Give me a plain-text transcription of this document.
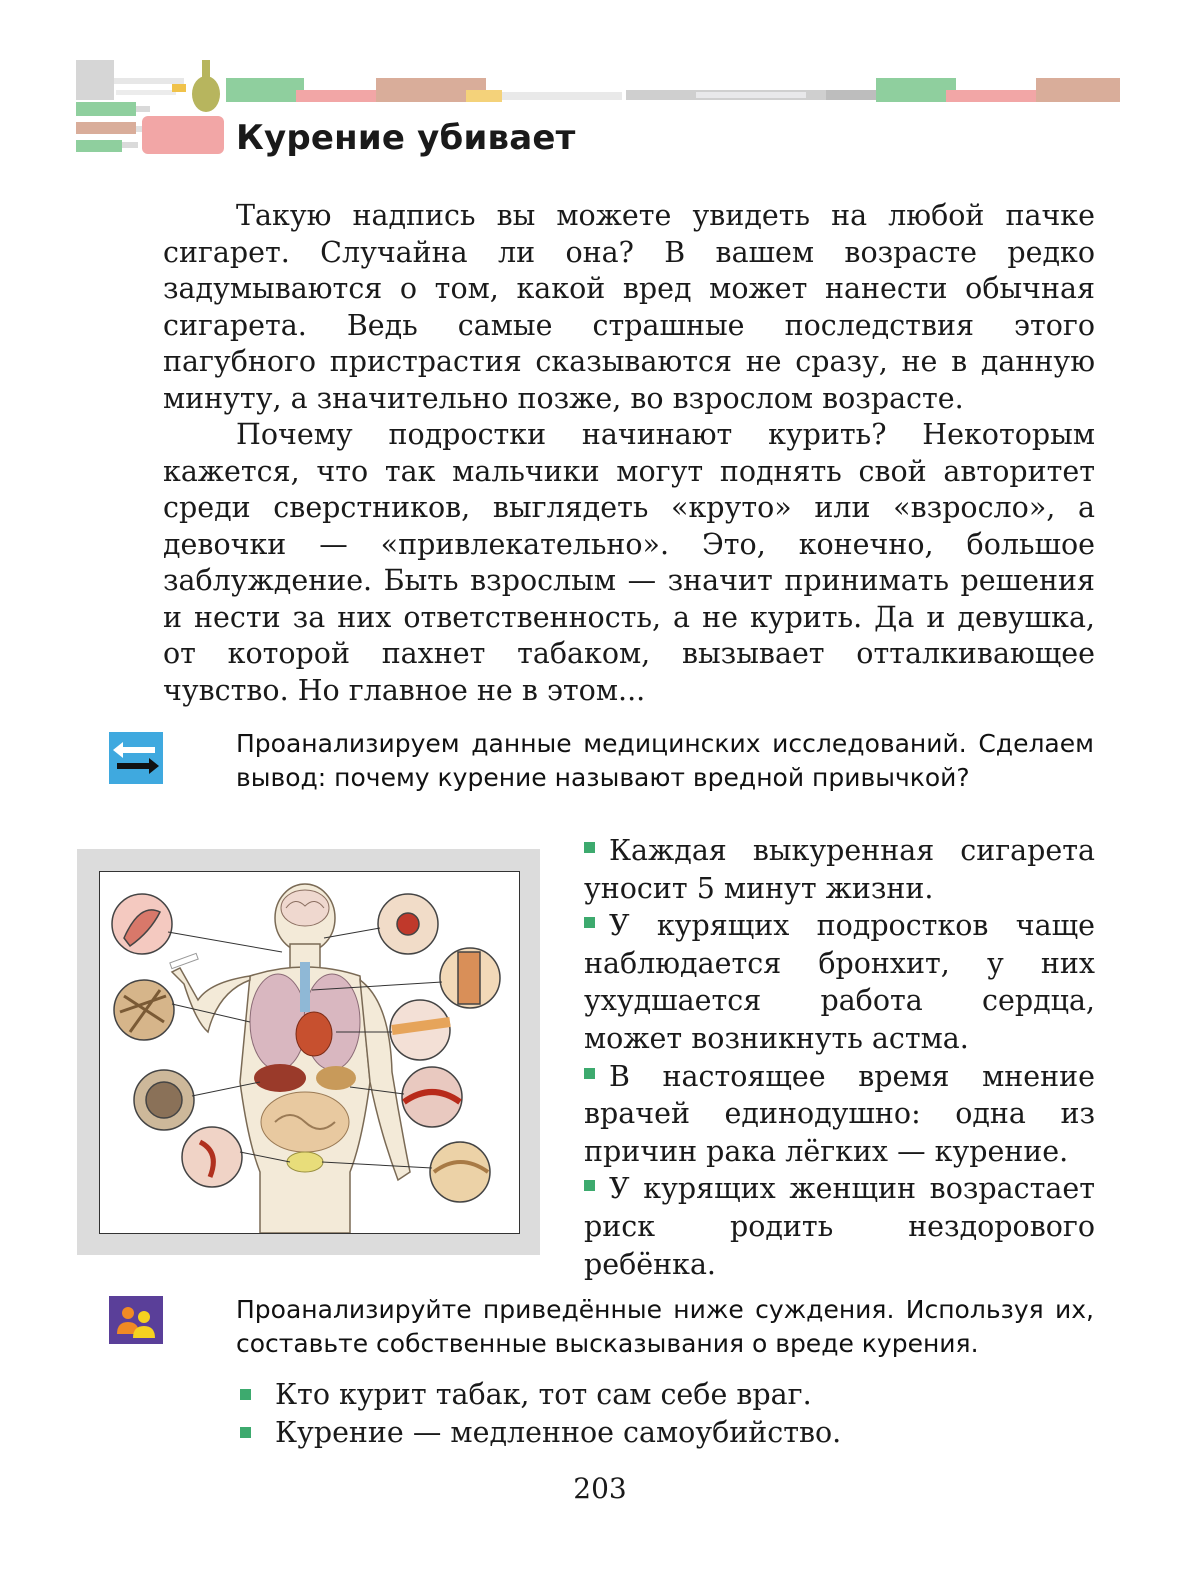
Курение убивает

Такую надпись вы можете увидеть на любой пачке сигарет. Случайна ли она? В вашем возрасте редко задумываются о том, какой вред может нанести обычная сигарета. Ведь самые страшные последствия этого пагубного пристрастия сказываются не сразу, не в данную минуту, а значительно позже, во взрослом возрасте.

Почему подростки начинают курить? Некоторым кажется, что так мальчики могут поднять свой авторитет среди сверстников, выглядеть «круто» или «взросло», а девочки — «привлекательно». Это, конечно, большое заблуждение. Быть взрослым — значит принимать решения и нести за них ответственность, а не курить. Да и девушка, от которой пахнет табаком, вызывает отталкивающее чувство. Но главное не в этом...

Проанализируем данные медицинских исследований. Сделаем вывод: почему курение называют вредной привычкой?

Каждая выкуренная сигарета уносит 5 минут жизни.

У курящих подростков чаще наблюдается бронхит, у них ухудшается работа сердца, может возникнуть астма.

В настоящее время мнение врачей единодушно: одна из причин рака лёгких — курение.

У курящих женщин возрастает риск родить нездорового ребёнка.

Проанализируйте приведённые ниже суждения. Используя их, составьте собственные высказывания о вреде курения.
Кто курит табак, тот сам себе враг.
Курение — медленное самоубийство.
203
